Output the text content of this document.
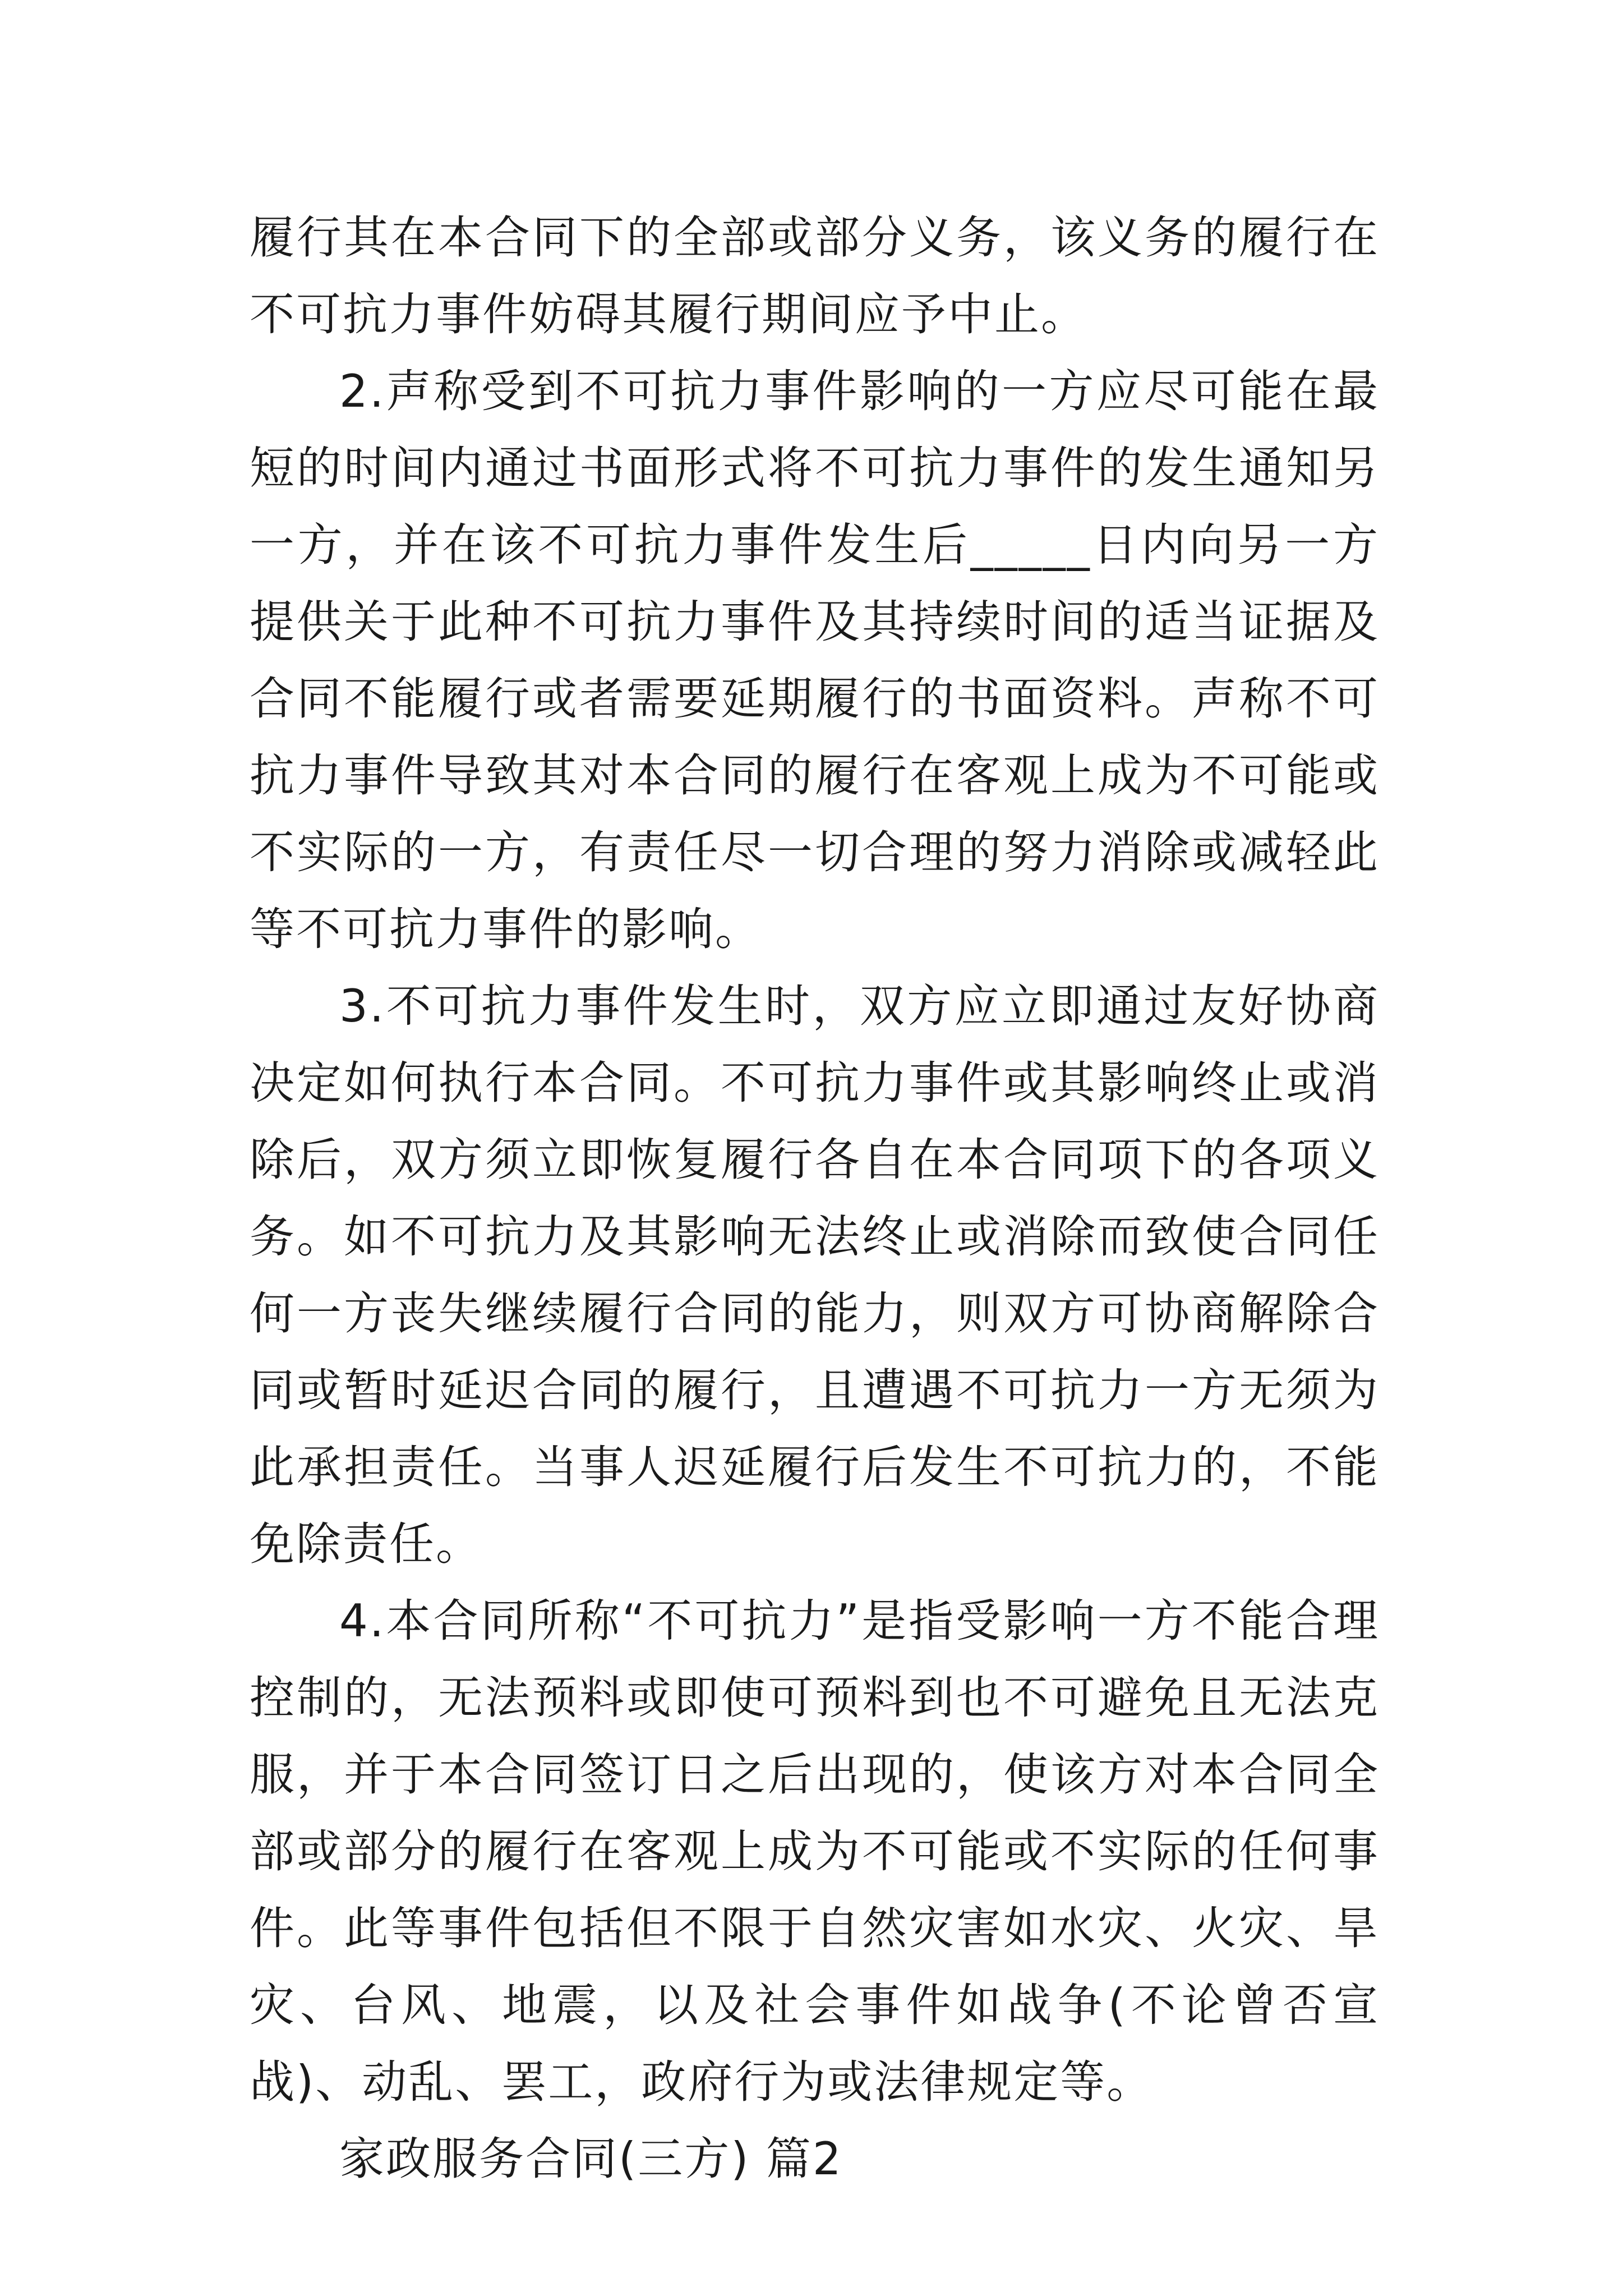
履行其在本合同下的全部或部分义务，该义务的履行在不可抗力事件妨碍其履行期间应予中止。

2.声称受到不可抗力事件影响的一方应尽可能在最短的时间内通过书面形式将不可抗力事件的发生通知另一方，并在该不可抗力事件发生后_____日内向另一方提供关于此种不可抗力事件及其持续时间的适当证据及合同不能履行或者需要延期履行的书面资料。声称不可抗力事件导致其对本合同的履行在客观上成为不可能或不实际的一方，有责任尽一切合理的努力消除或减轻此等不可抗力事件的影响。

3.不可抗力事件发生时，双方应立即通过友好协商决定如何执行本合同。不可抗力事件或其影响终止或消除后，双方须立即恢复履行各自在本合同项下的各项义务。如不可抗力及其影响无法终止或消除而致使合同任何一方丧失继续履行合同的能力，则双方可协商解除合同或暂时延迟合同的履行，且遭遇不可抗力一方无须为此承担责任。当事人迟延履行后发生不可抗力的，不能免除责任。

4.本合同所称“不可抗力”是指受影响一方不能合理控制的，无法预料或即使可预料到也不可避免且无法克服，并于本合同签订日之后出现的，使该方对本合同全部或部分的履行在客观上成为不可能或不实际的任何事件。此等事件包括但不限于自然灾害如水灾、火灾、旱灾、台风、地震，以及社会事件如战争(不论曾否宣战)、动乱、罢工，政府行为或法律规定等。

家政服务合同(三方) 篇2
